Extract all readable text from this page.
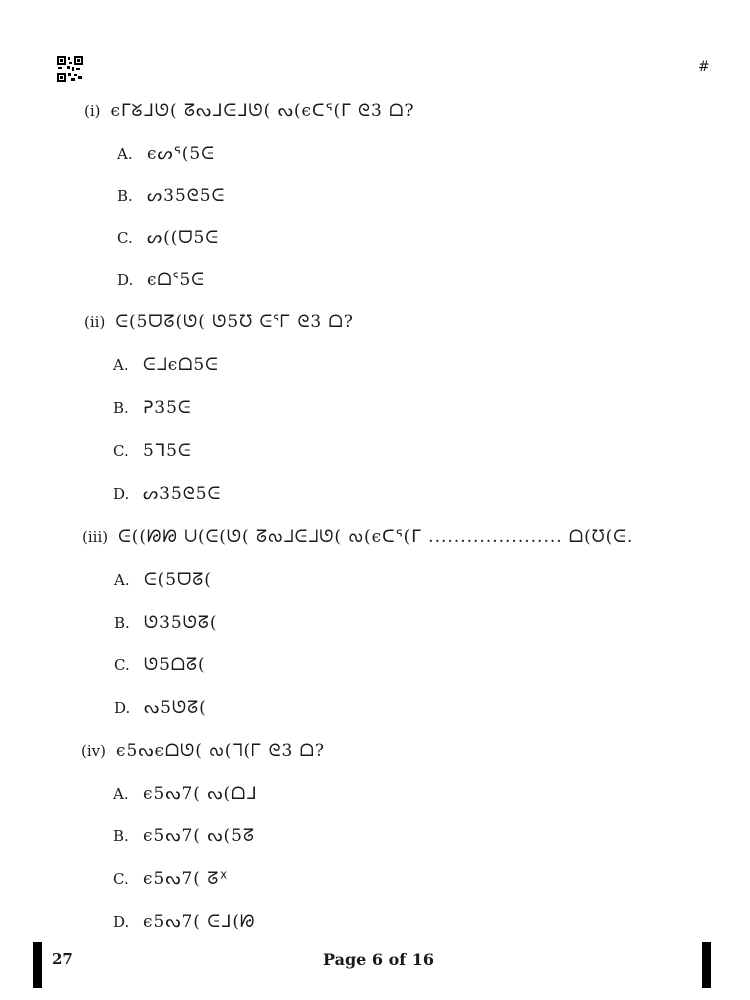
#
(i) ϵᒥᘜᒧᘎ( ᘔᔓᒧᕮᒧᘎ( ᔓ(ϵᑕᕐ(ᒥ ᘓ3 ᗝ?
A. ϵᔕᕐ(5ᕮ
B. ᔕ35ᘓ5ᕮ
C. ᔕ((ᗜ5ᕮ
D. ϵᗝᕐ5ᕮ
(ii) ᕮ(5ᗜᘔ(ᘎ( ᘎ5ᘮ ᕮᕐᒥ ᘓ3 ᗝ?
A. ᕮᒧϵᗝ5ᕮ
B. ᕈ35ᕮ
C. 5ᒣ5ᕮ
D. ᔕ35ᘓ5ᕮ
(iii) ᕮ((ᘙᘙ ᑌ(ᕮ(ᘎ( ᘔᔓᒧᕮᒧᘎ( ᔓ(ϵᑕᕐ(ᒥ ..................... ᗝ(ᘮ(ᕮ.
A. ᕮ(5ᗜᘔ(
B. ᘎ35ᘎᘔ(
C. ᘎ5ᗝᘔ(
D. ᔓ5ᘎᘔ(
(iv) ϵ5ᔓϵᗝᘎ( ᔓ(ᒣ(ᒥ ᘓ3 ᗝ?
A. ϵ5ᔓ7( ᔓ(ᗝᒧ
B. ϵ5ᔓ7( ᔓ(5ᘔ
C. ϵ5ᔓ7( ᘔᕽ
D. ϵ5ᔓ7( ᕮᒧ(ᘙ
27	Page 6 of 16
